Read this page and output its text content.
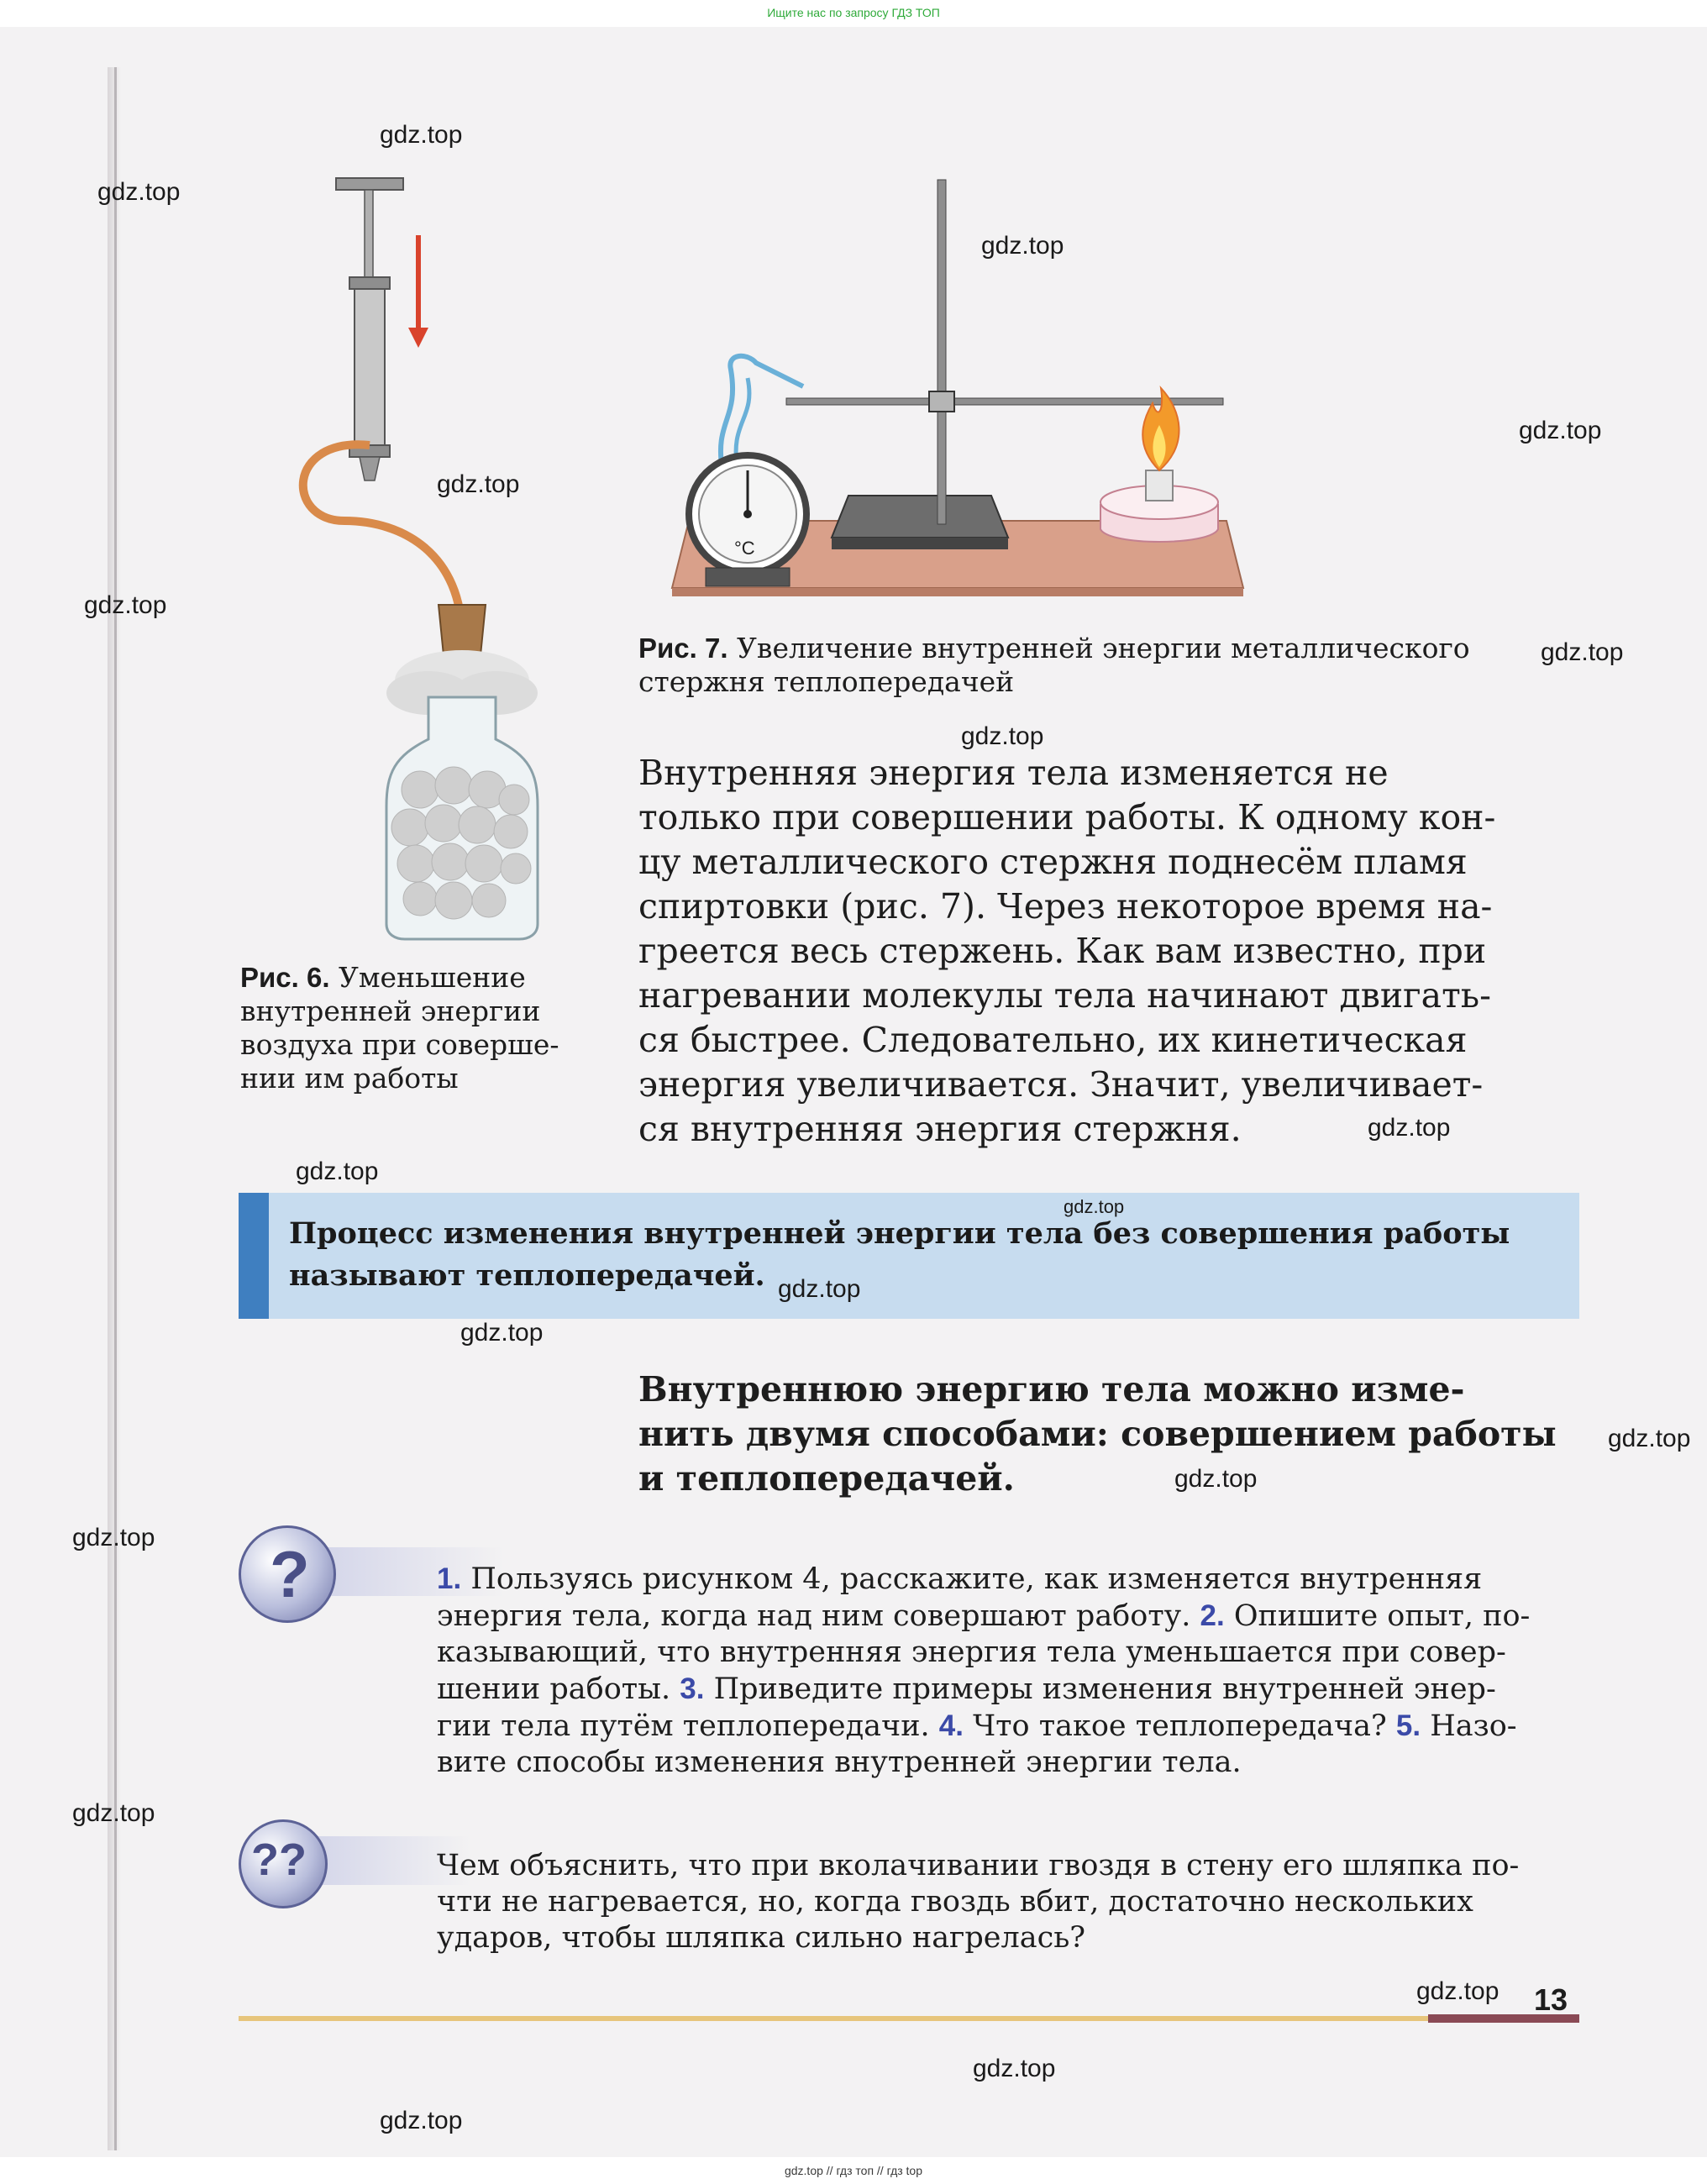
Ищите нас по запросу ГДЗ ТОП
Рис. 6. Уменьшение
внутренней энергии
воздуха при соверше-
нии им работы
°C
Рис. 7. Увеличение внутренней энергии металлического
стержня теплопередачей
Внутренняя энергия тела изменяется не
только при совершении работы. К одному кон-
цу металлического стержня поднесём пламя
спиртовки (рис. 7). Через некоторое время на-
греется весь стержень. Как вам известно, при
нагревании молекулы тела начинают двигать-
ся быстрее. Следовательно, их кинетическая
энергия увеличивается. Значит, увеличивает-
ся внутренняя энергия стержня.
Процесс изменения внутренней энергии тела без совершения работы
называют теплопередачей.
Внутреннюю энергию тела можно изме-
нить двумя способами: совершением работы
и теплопередачей.
?	1. Пользуясь рисунком 4, расскажите, как изменяется внутренняя
энергия тела, когда над ним совершают работу. 2. Опишите опыт, по-
казывающий, что внутренняя энергия тела уменьшается при совер-
шении работы. 3. Приведите примеры изменения внутренней энер-
гии тела путём теплопередачи. 4. Что такое теплопередача? 5. Назо-
вите способы изменения внутренней энергии тела.
??	Чем объяснить, что при вколачивании гвоздя в стену его шляпка по-
чти не нагревается, но, когда гвоздь вбит, достаточно нескольких
ударов, чтобы шляпка сильно нагрелась?
13
gdz.top
gdz.top
gdz.top
gdz.top
gdz.top
gdz.top
gdz.top
gdz.top
gdz.top
gdz.top
gdz.top
gdz.top
gdz.top
gdz.top
gdz.top
gdz.top
gdz.top
gdz.top
gdz.top
gdz.top
gdz.top // гдз топ // гдз top
